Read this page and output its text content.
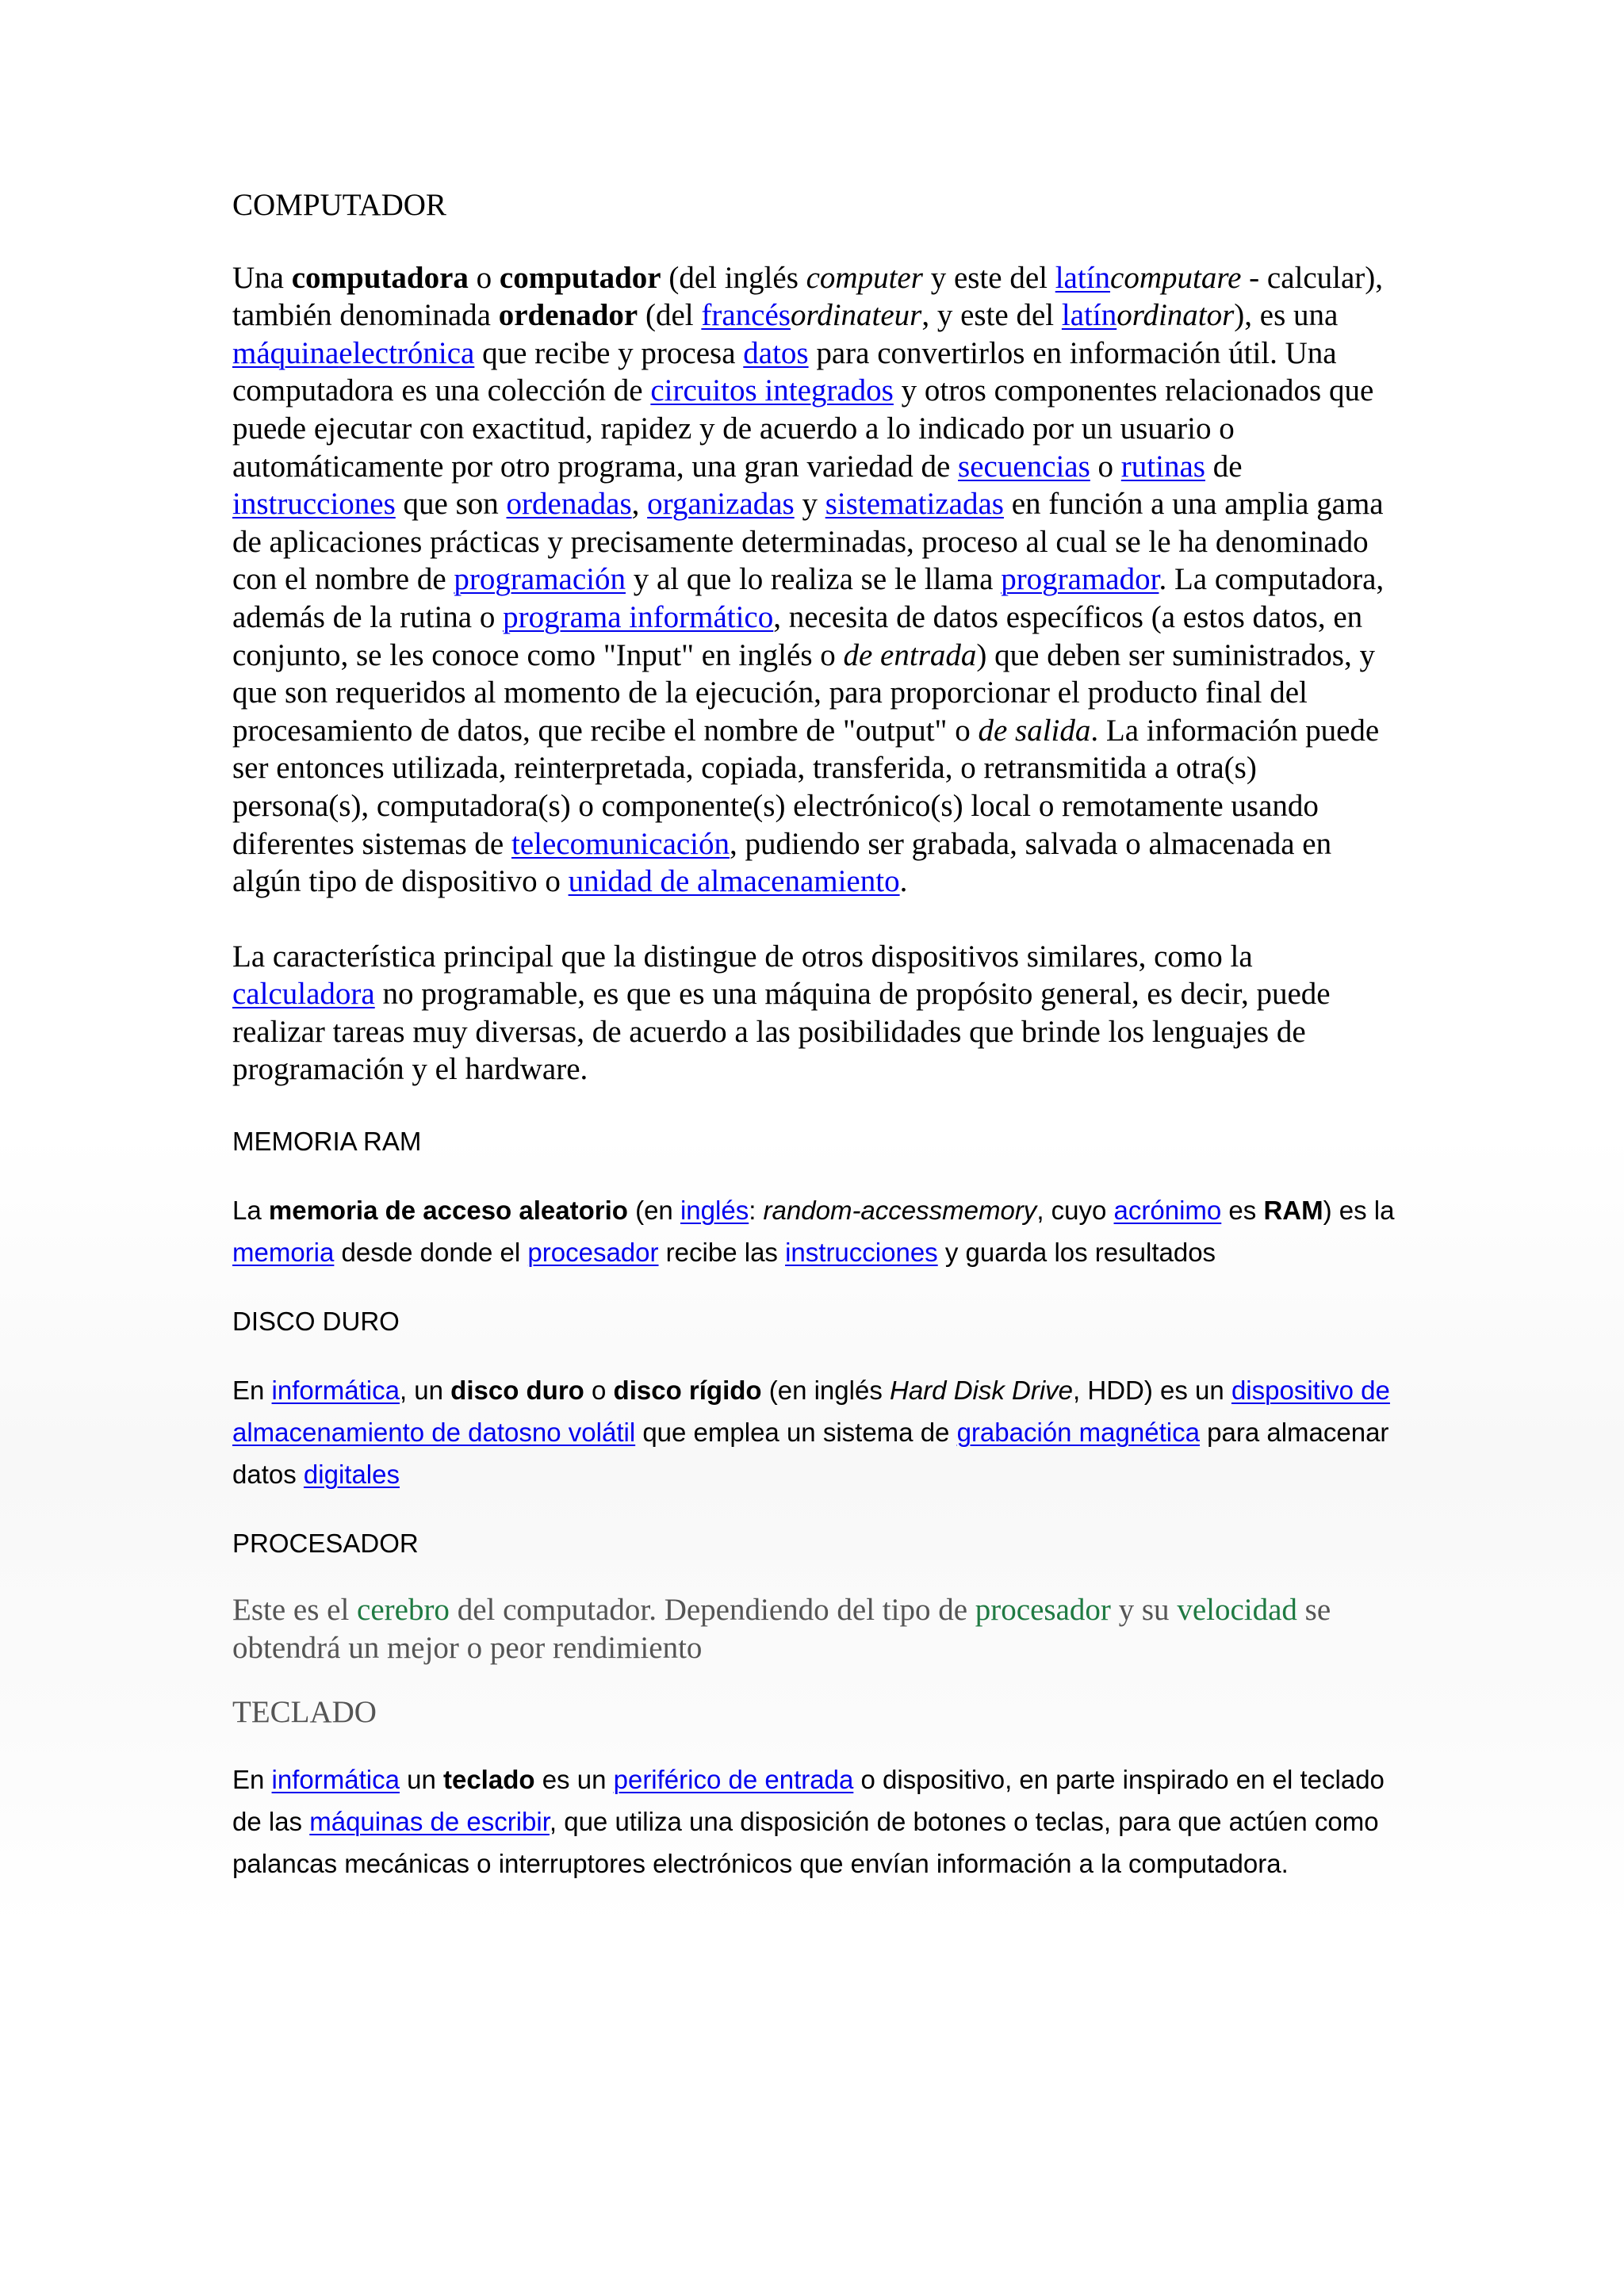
COMPUTADOR

Una computadora o computador (del inglés computer y este del latíncomputare - calcular), también denominada ordenador (del francésordinateur, y este del latínordinator), es una máquinaelectrónica que recibe y procesa datos para convertirlos en información útil. Una computadora es una colección de circuitos integrados y otros componentes relacionados que puede ejecutar con exactitud, rapidez y de acuerdo a lo indicado por un usuario o automáticamente por otro programa, una gran variedad de secuencias o rutinas de instrucciones que son ordenadas, organizadas y sistematizadas en función a una amplia gama de aplicaciones prácticas y precisamente determinadas, proceso al cual se le ha denominado con el nombre de programación y al que lo realiza se le llama programador. La computadora, además de la rutina o programa informático, necesita de datos específicos (a estos datos, en conjunto, se les conoce como "Input" en inglés o de entrada) que deben ser suministrados, y que son requeridos al momento de la ejecución, para proporcionar el producto final del procesamiento de datos, que recibe el nombre de "output" o de salida. La información puede ser entonces utilizada, reinterpretada, copiada, transferida, o retransmitida a otra(s) persona(s), computadora(s) o componente(s) electrónico(s) local o remotamente usando diferentes sistemas de telecomunicación, pudiendo ser grabada, salvada o almacenada en algún tipo de dispositivo o unidad de almacenamiento.

La característica principal que la distingue de otros dispositivos similares, como la calculadora no programable, es que es una máquina de propósito general, es decir, puede realizar tareas muy diversas, de acuerdo a las posibilidades que brinde los lenguajes de programación y el hardware.

MEMORIA RAM

La memoria de acceso aleatorio (en inglés: random-accessmemory, cuyo acrónimo es RAM) es la memoria desde donde el procesador recibe las instrucciones y guarda los resultados

DISCO DURO

En informática, un disco duro o disco rígido (en inglés Hard Disk Drive, HDD) es un dispositivo de almacenamiento de datosno volátil que emplea un sistema de grabación magnética para almacenar datos digitales

PROCESADOR

Este es el cerebro del computador. Dependiendo del tipo de procesador y su velocidad se obtendrá un mejor o peor rendimiento

TECLADO

En informática un teclado es un periférico de entrada o dispositivo, en parte inspirado en el teclado de las máquinas de escribir, que utiliza una disposición de botones o teclas, para que actúen como palancas mecánicas o interruptores electrónicos que envían información a la computadora.
